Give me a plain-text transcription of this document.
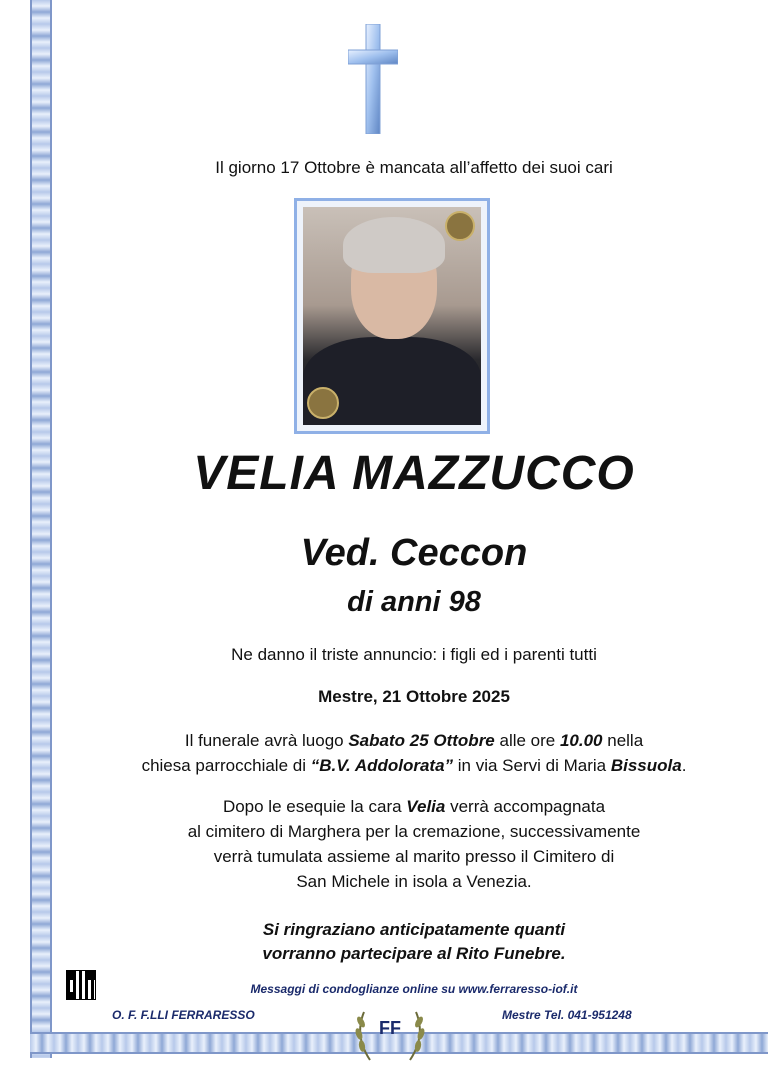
Il giorno 17 Ottobre è mancata all’affetto dei suoi cari
VELIA MAZZUCCO
Ved. Ceccon
di anni 98
Ne danno il triste annuncio: i figli ed i parenti tutti
Mestre, 21 Ottobre 2025
Il funerale avrà luogo Sabato 25 Ottobre alle ore 10.00 nella
chiesa parrocchiale di “B.V. Addolorata” in via Servi di Maria Bissuola.
Dopo le esequie la cara Velia verrà accompagnata
al cimitero di Marghera per la cremazione, successivamente
verrà tumulata assieme al marito presso il Cimitero di
San Michele in isola a Venezia.
Si ringraziano anticipatamente quanti
vorranno partecipare al Rito Funebre.
Messaggi di condoglianze online su www.ferraresso-iof.it
O. F. F.LLI FERRARESSO	Mestre Tel. 041-951248
FF
